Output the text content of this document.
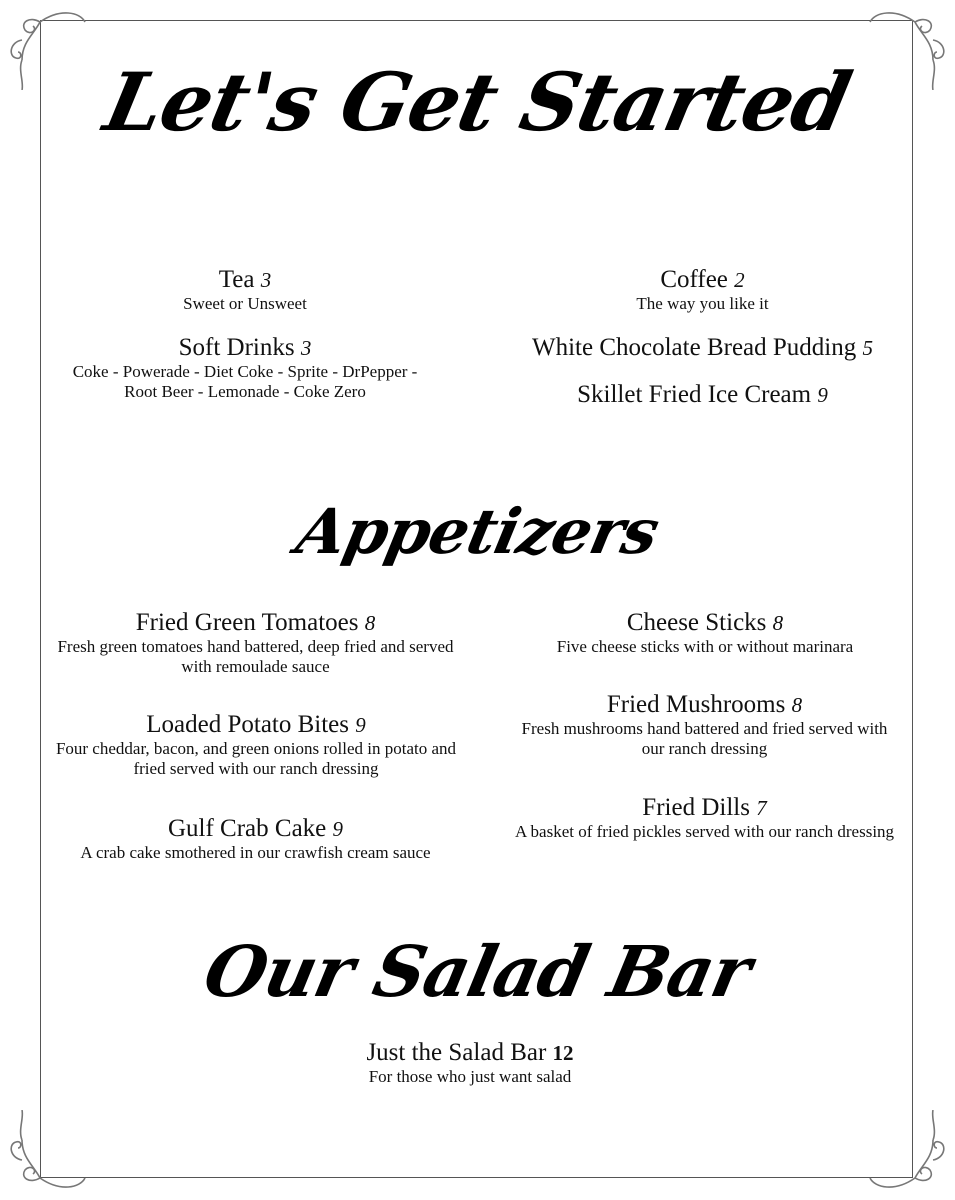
Let's Get Started
Tea 3
Sweet or Unsweet
Soft Drinks 3
Coke - Powerade - Diet Coke - Sprite - DrPepper - Root Beer - Lemonade - Coke Zero
Coffee 2
The way you like it
White Chocolate Bread Pudding 5
Skillet Fried Ice Cream 9
Appetizers
Fried Green Tomatoes 8
Fresh green tomatoes hand battered, deep fried and served with remoulade sauce
Loaded Potato Bites 9
Four cheddar, bacon, and green onions rolled in potato and fried served with our ranch dressing
Gulf Crab Cake 9
A crab cake smothered in our crawfish cream sauce
Cheese Sticks 8
Five cheese sticks with or without marinara
Fried Mushrooms 8
Fresh mushrooms hand battered and fried served with our ranch dressing
Fried Dills 7
A basket of fried pickles served with our ranch dressing
Our Salad Bar
Just the Salad Bar 12
For those who just want salad
